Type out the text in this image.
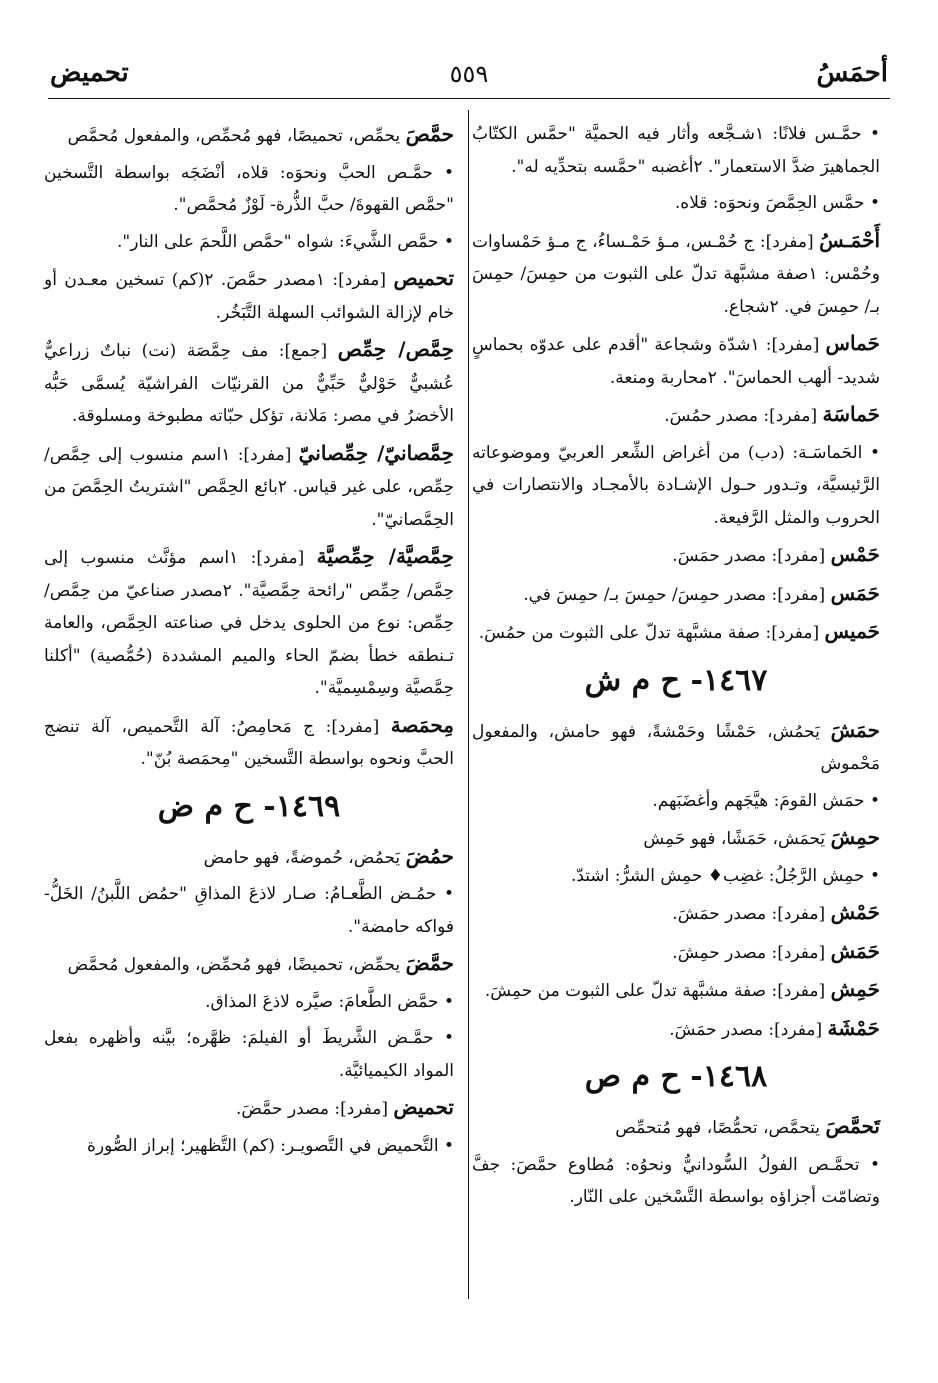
أحمَسُ
٥٥٩
تحميض
• حمَّـس فلانًا: ١شـجَّعه وأثار فيه الحميَّة "حمَّس الكتّابُ الجماهيرَ ضدَّ الاستعمار". ٢أغضبه "حمَّسه بتحدِّيه له".
• حمَّس الحِمَّصَ ونحوَه: قلاه.
أَحْمَـسُ [مفرد]: ج حُمْـس، مـؤ حَمْـساءُ، ج مـؤ حَمْساوات وحُمْس: ١صفة مشبَّهة تدلّ على الثبوت من حمِسَ/ حمِسَ بـ/ حمِسَ في. ٢شجاع.
حَماس [مفرد]: ١شدّة وشجاعة "أقدم على عدوّه بحماسٍ شديد- ألهب الحماسَ". ٢محاربة ومنعة.
حَماسَة [مفرد]: مصدر حمُسَ.
• الحَماسَـة: (دب) من أغراض الشِّعر العربيّ وموضوعاته الرَّئيسيَّة، وتـدور حـول الإشـادة بالأمجـاد والانتصارات في الحروب والمثل الرَّفيعة.
حَمْس [مفرد]: مصدر حمَسَ.
حَمَس [مفرد]: مصدر حمِسَ/ حمِسَ بـ/ حمِسَ في.
حَميس [مفرد]: صفة مشبَّهة تدلّ على الثبوت من حمُسَ.
١٤٦٧- ح م ش
حمَشَ يَحمُش، حَمْشًا وحَمْشةً، فهو حامش، والمفعول مَحْموش
• حمَش القومَ: هيَّجَهم وأغضَبَهم.
حمِشَ يَحمَش، حَمَشًا، فهو حَمِش
• حمِش الرَّجُلُ: غضِب♦ حمِش الشرُّ: اشتدّ.
حَمْش [مفرد]: مصدر حمَشَ.
حَمَش [مفرد]: مصدر حمِشَ.
حَمِش [مفرد]: صفة مشبَّهة تدلّ على الثبوت من حمِشَ.
حَمْشَة [مفرد]: مصدر حمَشَ.
١٤٦٨- ح م ص
تَحمَّصَ يتحمَّص، تحمُّصًا، فهو مُتحمِّص
• تحمَّـص الفولُ السُّودانيُّ ونحوُه: مُطاوع حمَّصَ: جفَّ وتضامّت أجزاؤه بواسطة التَّسْخين على النّار.
حمَّصَ يحمِّص، تحميصًا، فهو مُحمِّص، والمفعول مُحمَّص
• حمَّـص الحبَّ ونحوَه: قلاه، أنْضَجَه بواسطة التَّسخين "حمَّص القهوةَ/ حبَّ الذُّرة- لَوْزٌ مُحمَّص".
• حمَّص الشَّيءَ: شواه "حمَّص اللَّحمَ على النار".
تحميص [مفرد]: ١مصدر حمَّصَ. ٢(كم) تسخين معـدن أو خام لإزالة الشوائب السهلة التَّبَخُر.
حِمَّص/ حِمِّص [جمع]: مف حِمَّصَة (نت) نباتٌ زراعيٌّ عُشبيٌّ حَوْليٌّ حَبِّيٌّ من القرنيّات الفراشيّة يُسمَّى حَبُّه الأخضرُ في مصر: مَلانة، تؤكل حبّاته مطبوخة ومسلوقة.
حِمَّصانيّ/ حِمِّصانيّ [مفرد]: ١اسم منسوب إلى حِمَّص/ حِمِّص، على غير قياس. ٢بائع الحِمَّص "اشتريتُ الحِمَّصَ من الحِمَّصانيّ".
حِمَّصيَّة/ حِمِّصيَّة [مفرد]: ١اسم مؤنَّث منسوب إلى حِمَّص/ حِمِّص "رائحة حِمَّصيَّة". ٢مصدر صناعيّ من حِمَّص/ حِمِّص: نوع من الحلوى يدخل في صناعته الحِمَّص، والعامة تـنطقه خطأ بضمّ الحاء والميم المشددة (حُمُّصية) "أكلنا حِمَّصيَّة وسِمْسِميَّة".
مِحمَصة [مفرد]: ج مَحامِصُ: آلة التَّحميص، آلة تنضج الحبَّ ونحوه بواسطة التَّسخين "مِحمَصة بُنّ".
١٤٦٩- ح م ض
حمُضَ يَحمُض، حُموضةً، فهو حامض
• حمُـض الطَّعـامُ: صـار لاذعَ المذاقِ "حمُض اللَّبنُ/ الخَلُّ- فواكه حامضة".
حمَّضَ يحمِّض، تحميضًا، فهو مُحمِّض، والمفعول مُحمَّض
• حمَّض الطَّعامَ: صيَّره لاذعَ المذاق.
• حمَّـض الشَّريطَ أو الفيلمَ: ظهَّره؛ بيَّنه وأظهره بفعل المواد الكيميائيَّة.
تحميض [مفرد]: مصدر حمَّضَ.
• التَّحميض في التَّصويـر: (كم) التَّظهير؛ إبراز الصُّورة
